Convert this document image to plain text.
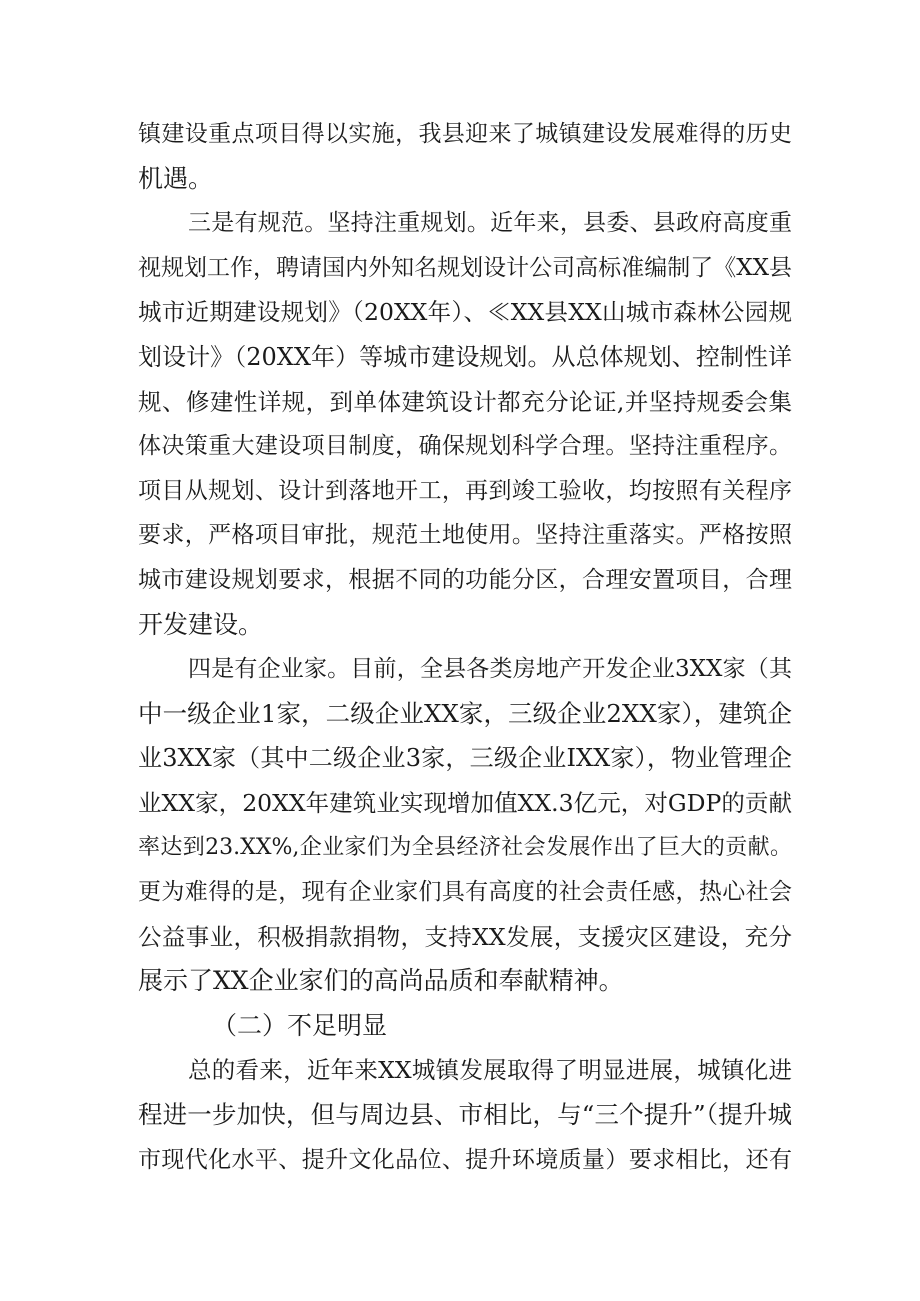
镇建设重点项目得以实施，我县迎来了城镇建设发展难得的历史
机遇。
三是有规范。坚持注重规划。近年来，县委、县政府高度重
视规划工作，聘请国内外知名规划设计公司高标准编制了《XX县
城市近期建设规划》（20XX年）、≪XX县XX山城市森林公园规
划设计》（20XX年）等城市建设规划。从总体规划、控制性详
规、修建性详规，到单体建筑设计都充分论证,并坚持规委会集
体决策重大建设项目制度，确保规划科学合理。坚持注重程序。
项目从规划、设计到落地开工，再到竣工验收，均按照有关程序
要求，严格项目审批，规范土地使用。坚持注重落实。严格按照
城市建设规划要求，根据不同的功能分区，合理安置项目，合理
开发建设。
四是有企业家。目前，全县各类房地产开发企业3XX家（其
中一级企业1家，二级企业XX家，三级企业2XX家），建筑企
业3XX家（其中二级企业3家，三级企业IXX家），物业管理企
业XX家，20XX年建筑业实现增加值XX.3亿元，对GDP的贡献
率达到23.XX%,企业家们为全县经济社会发展作出了巨大的贡献。
更为难得的是，现有企业家们具有高度的社会责任感，热心社会
公益事业，积极捐款捐物，支持XX发展，支援灾区建设，充分
展示了XX企业家们的高尚品质和奉献精神。
（二）不足明显
总的看来，近年来XX城镇发展取得了明显进展，城镇化进
程进一步加快，但与周边县、市相比，与“三个提升”（提升城
市现代化水平、提升文化品位、提升环境质量）要求相比，还有
